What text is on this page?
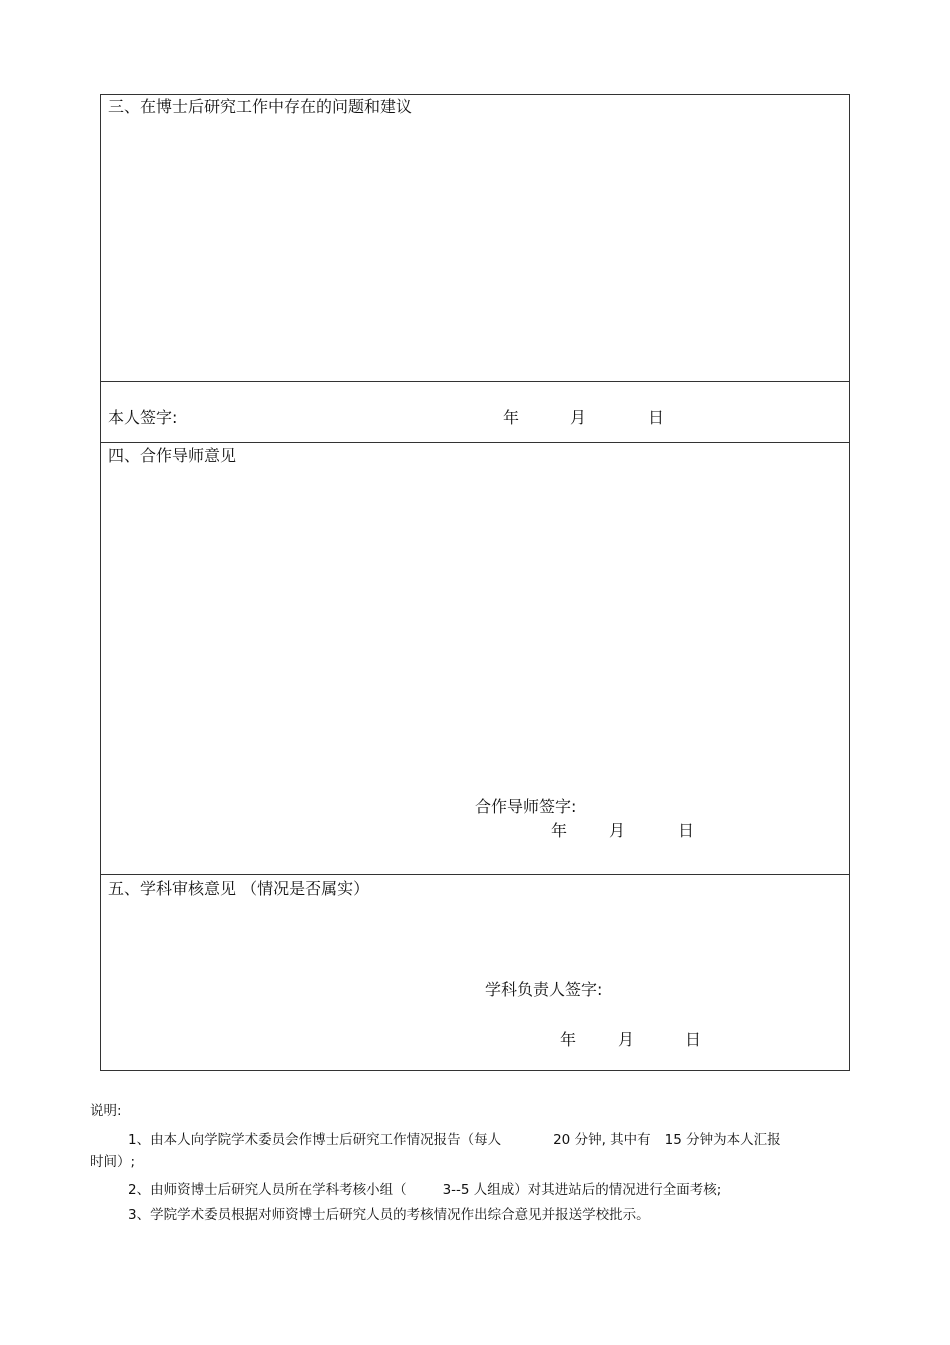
三、在博士后研究工作中存在的问题和建议
本人签字:	年	月	日
四、合作导师意见
合作导师签字:
年	月	日
五、学科审核意见 （情况是否属实）
学科负责人签字:
年	月	日
说明:
1、由本人向学院学术委员会作博士后研究工作情况报告（每人	20 分钟, 其中有 15 分钟为本人汇报
时间）;
2、由师资博士后研究人员所在学科考核小组（	3--5 人组成）对其进站后的情况进行全面考核;
3、学院学术委员根据对师资博士后研究人员的考核情况作出综合意见并报送学校批示。
